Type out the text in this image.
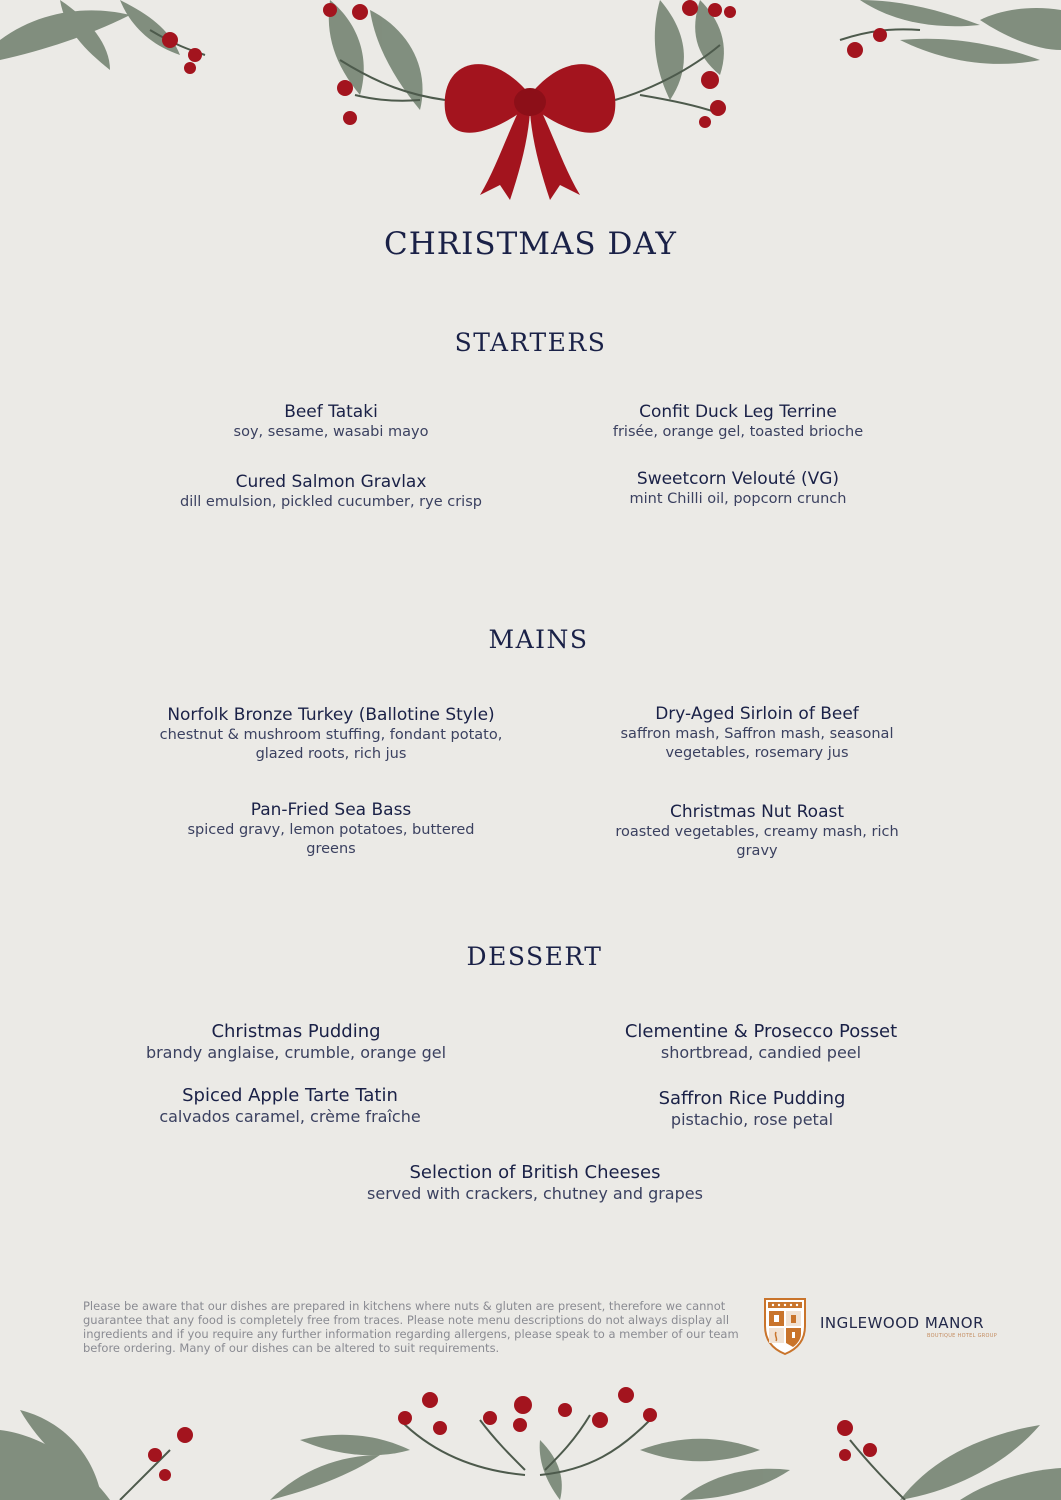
CHRISTMAS DAY
STARTERS
Beef Tataki
soy, sesame, wasabi mayo
Confit Duck Leg Terrine
frisée, orange gel, toasted brioche
Cured Salmon Gravlax
dill emulsion, pickled cucumber, rye crisp
Sweetcorn Velouté (VG)
mint Chilli oil, popcorn crunch
MAINS
Norfolk Bronze Turkey (Ballotine Style)
chestnut & mushroom stuffing, fondant potato, glazed roots, rich jus
Dry-Aged Sirloin of Beef
saffron mash, Saffron mash, seasonal vegetables, rosemary jus
Pan-Fried Sea Bass
spiced gravy, lemon potatoes, buttered greens
Christmas Nut Roast
roasted vegetables, creamy mash, rich gravy
DESSERT
Christmas Pudding
brandy anglaise, crumble, orange gel
Clementine & Prosecco Posset
shortbread, candied peel
Spiced Apple Tarte Tatin
calvados caramel, crème fraîche
Saffron Rice Pudding
pistachio, rose petal
Selection of British Cheeses
served with crackers, chutney and grapes
Please be aware that our dishes are prepared in kitchens where nuts & gluten are present, therefore we cannot guarantee that any food is completely free from traces. Please note menu descriptions do not always display all ingredients and if you require any further information regarding allergens, please speak to a member of our team before ordering. Many of our dishes can be altered to suit requirements.
INGLEWOOD MANOR
BOUTIQUE HOTEL GROUP
